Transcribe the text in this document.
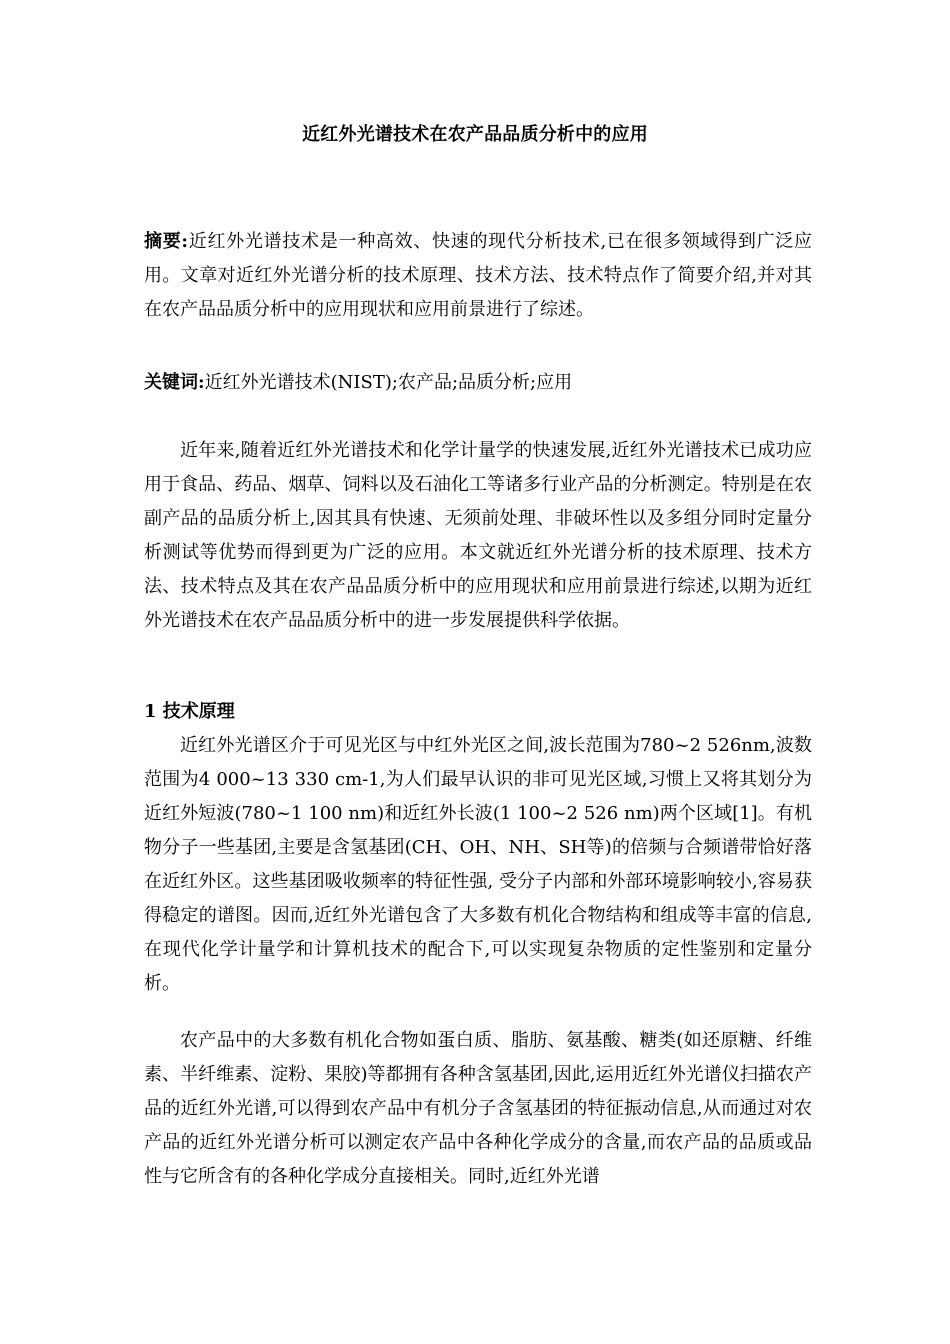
近红外光谱技术在农产品品质分析中的应用
摘要:近红外光谱技术是一种高效、快速的现代分析技术,已在很多领域得到广泛应用。文章对近红外光谱分析的技术原理、技术方法、技术特点作了简要介绍,并对其在农产品品质分析中的应用现状和应用前景进行了综述。
关键词:近红外光谱技术(NIST);农产品;品质分析;应用
近年来,随着近红外光谱技术和化学计量学的快速发展,近红外光谱技术已成功应用于食品、药品、烟草、饲料以及石油化工等诸多行业产品的分析测定。特别是在农副产品的品质分析上,因其具有快速、无须前处理、非破坏性以及多组分同时定量分析测试等优势而得到更为广泛的应用。本文就近红外光谱分析的技术原理、技术方法、技术特点及其在农产品品质分析中的应用现状和应用前景进行综述,以期为近红外光谱技术在农产品品质分析中的进一步发展提供科学依据。
1 技术原理
近红外光谱区介于可见光区与中红外光区之间,波长范围为780~2 526nm,波数范围为4 000~13 330 cm-1,为人们最早认识的非可见光区域,习惯上又将其划分为近红外短波(780~1 100 nm)和近红外长波(1 100~2 526 nm)两个区域[1]。有机物分子一些基团,主要是含氢基团(CH、OH、NH、SH等)的倍频与合频谱带恰好落在近红外区。这些基团吸收频率的特征性强, 受分子内部和外部环境影响较小,容易获得稳定的谱图。因而,近红外光谱包含了大多数有机化合物结构和组成等丰富的信息,在现代化学计量学和计算机技术的配合下,可以实现复杂物质的定性鉴别和定量分析。
农产品中的大多数有机化合物如蛋白质、脂肪、氨基酸、糖类(如还原糖、纤维素、半纤维素、淀粉、果胶)等都拥有各种含氢基团,因此,运用近红外光谱仪扫描农产品的近红外光谱,可以得到农产品中有机分子含氢基团的特征振动信息,从而通过对农产品的近红外光谱分析可以测定农产品中各种化学成分的含量,而农产品的品质或品性与它所含有的各种化学成分直接相关。同时,近红外光谱
